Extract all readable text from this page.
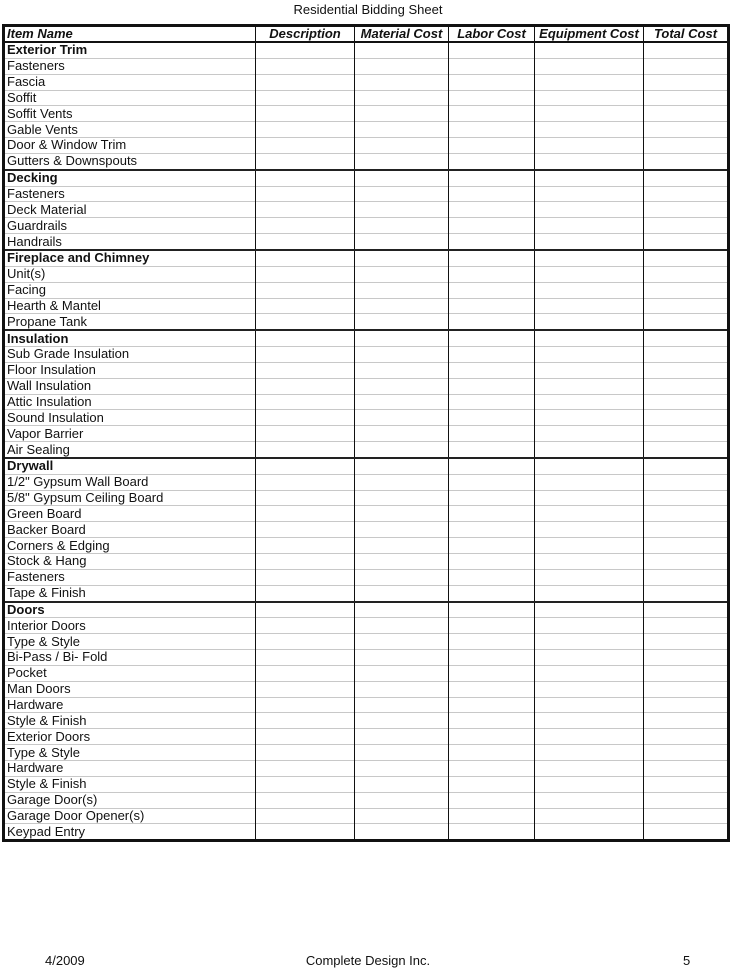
Residential Bidding Sheet
Item Name	Description	Material Cost	Labor Cost	Equipment Cost	Total Cost
Exterior Trim					
Fasteners					
Fascia					
Soffit					
Soffit Vents					
Gable Vents					
Door & Window Trim					
Gutters & Downspouts					
Decking					
Fasteners					
Deck Material					
Guardrails					
Handrails					
Fireplace and Chimney					
Unit(s)					
Facing					
Hearth & Mantel					
Propane Tank					
Insulation					
Sub Grade Insulation					
Floor Insulation					
Wall Insulation					
Attic Insulation					
Sound Insulation					
Vapor Barrier					
Air Sealing					
Drywall					
1/2" Gypsum Wall Board					
5/8" Gypsum Ceiling Board					
Green Board					
Backer Board					
Corners & Edging					
Stock & Hang					
Fasteners					
Tape & Finish					
Doors					
Interior Doors					
Type & Style					
Bi-Pass / Bi- Fold					
Pocket					
Man Doors					
Hardware					
Style & Finish					
Exterior Doors					
Type & Style					
Hardware					
Style & Finish					
Garage Door(s)					
Garage Door Opener(s)					
Keypad Entry					
4/2009	Complete Design Inc.	5
